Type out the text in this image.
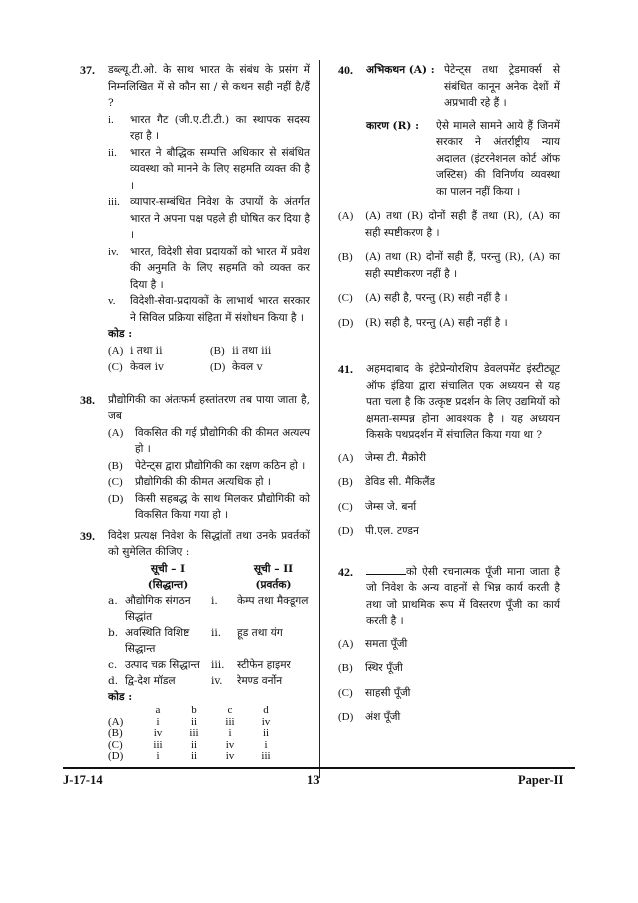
37. डब्ल्यू.टी.ओ. के साथ भारत के संबंध के प्रसंग में निम्नलिखित में से कौन सा / से कथन सही नहीं है/हैं ?
i.	भारत गैट (जी.ए.टी.टी.) का स्थापक सदस्य रहा है ।
ii.	भारत ने बौद्धिक सम्पत्ति अधिकार से संबंधित व्यवस्था को मानने के लिए सहमति व्यक्त की है ।
iii. व्यापार-सम्बंधित निवेश के उपायों के अंतर्गत भारत ने अपना पक्ष पहले ही घोषित कर दिया है ।
iv.	भारत, विदेशी सेवा प्रदायकों को भारत में प्रवेश की अनुमति के लिए सहमति को व्यक्त कर दिया है ।
v.	विदेशी-सेवा-प्रदायकों के लाभार्थ भारत सरकार ने सिविल प्रक्रिया संहिता में संशोधन किया है ।
कोड :
(A) i तथा ii	(B) ii तथा iii
(C) केवल iv	(D) केवल v
38. प्रौद्योगिकी का अंतःफर्म हस्तांतरण तब पाया जाता है, जब
(A)	विकसित की गई प्रौद्योगिकी की कीमत अत्यल्प हो ।
(B)	पेटेन्ट्स द्वारा प्रौद्योगिकी का रक्षण कठिन हो ।
(C)	प्रौद्योगिकी की कीमत अत्यधिक हो ।
(D)	किसी सहबद्ध के साथ मिलकर प्रौद्योगिकी को विकसित किया गया हो ।
39. विदेश प्रत्यक्ष निवेश के सिद्धांतों तथा उनके प्रवर्तकों को सुमेलित कीजिए :
	सूची – I		सूची – II
	(सिद्धान्त)		(प्रवर्तक)
a.	औद्योगिक संगठन सिद्धांत	i.	केम्प तथा मैक्डूगल
b.	अवस्थिति विशिष्ट सिद्धान्त	ii.	हूड तथा यंग
c.	उत्पाद चक्र सिद्धान्त	iii.	स्टीफेन हाइमर
d.	द्वि-देश मॉडल	iv.	रेमण्ड वर्नोन
कोड :
	a	b	c	d
(A)	i	ii	iii	iv
(B)	iv	iii	i	ii
(C)	iii	ii	iv	i
(D)	i	ii	iv	iii
40. अभिकथन (A) : पेटेन्ट्स तथा ट्रेडमार्क्स से संबंधित कानून अनेक देशों में अप्रभावी रहे हैं ।
कारण (R) :	ऐसे मामले सामने आये हैं जिनमें सरकार ने अंतर्राष्ट्रीय न्याय अदालत (इंटरनेशनल कोर्ट ऑफ जस्टिस) की विनिर्णय व्यवस्था का पालन नहीं किया ।
(A)	(A) तथा (R) दोनों सही हैं तथा (R), (A) का सही स्पष्टीकरण है ।
(B)	(A) तथा (R) दोनों सही हैं, परन्तु (R), (A) का सही स्पष्टीकरण नहीं है ।
(C)	(A) सही है, परन्तु (R) सही नहीं है ।
(D)	(R) सही है, परन्तु (A) सही नहीं है ।
41. अहमदाबाद के इंटेप्रेन्योरशिप डेवलपमेंट इंस्टीट्यूट ऑफ इंडिया द्वारा संचालित एक अध्ययन से यह पता चला है कि उत्कृष्ट प्रदर्शन के लिए उद्यमियों को क्षमता-सम्पन्न होना आवश्यक है । यह अध्ययन किसके पथप्रदर्शन में संचालित किया गया था ?
(A)	जेम्स टी. मैक्रोरी
(B)	डेविड सी. मैकिलैंड
(C)	जेम्स जे. बर्ना
(D)	पी.एल. टण्डन
42.	को ऐसी रचनात्मक पूँजी माना जाता है जो निवेश के अन्य वाहनों से भिन्न कार्य करती है तथा जो प्राथमिक रूप में विस्तरण पूँजी का कार्य करती है ।
(A)	समता पूँजी
(B)	स्थिर पूँजी
(C)	साहसी पूँजी
(D)	अंश पूँजी
J-17-14	13	Paper-II
